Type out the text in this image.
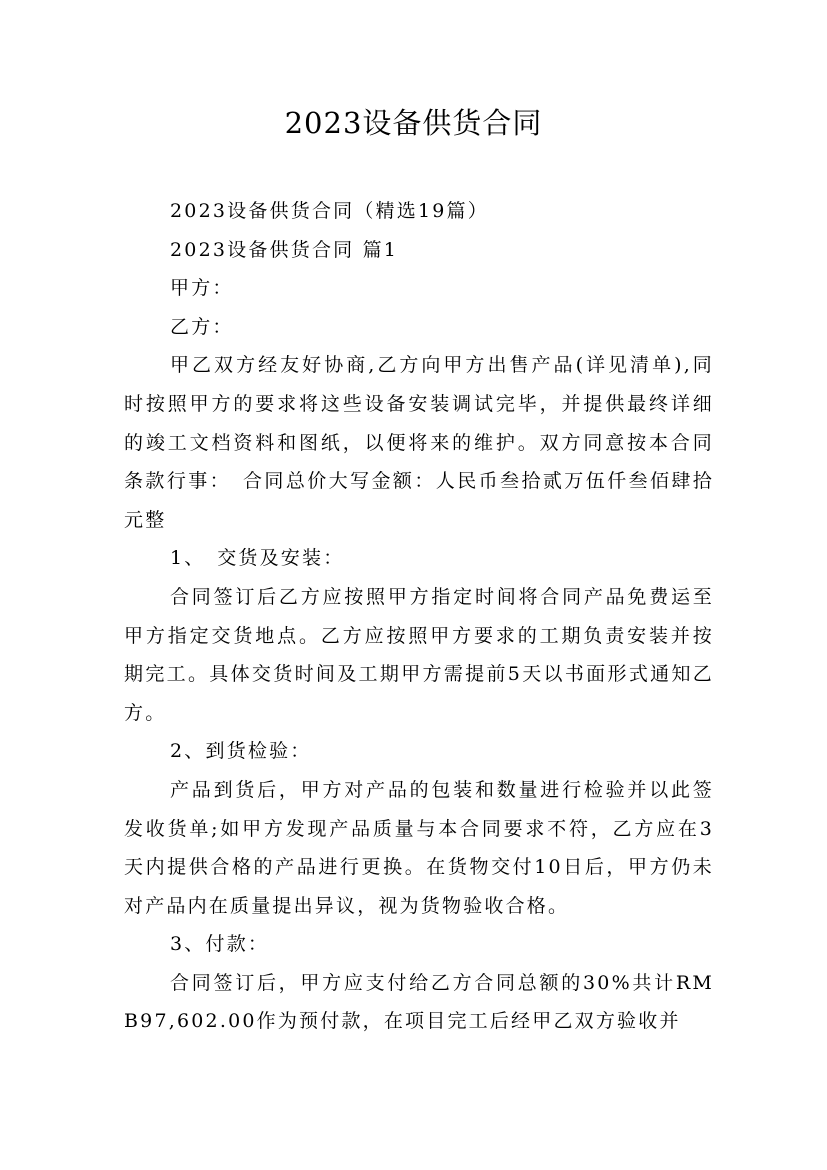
2023设备供货合同

2023设备供货合同（精选19篇）

2023设备供货合同 篇1

甲方：

乙方：

甲乙双方经友好协商,乙方向甲方出售产品(详见清单),同时按照甲方的要求将这些设备安装调试完毕，并提供最终详细的竣工文档资料和图纸，以便将来的维护。双方同意按本合同条款行事：　合同总价大写金额：人民币叁拾贰万伍仟叁佰肆拾元整

1、　交货及安装：

合同签订后乙方应按照甲方指定时间将合同产品免费运至甲方指定交货地点。乙方应按照甲方要求的工期负责安装并按期完工。具体交货时间及工期甲方需提前5天以书面形式通知乙方。

2、到货检验：

产品到货后，甲方对产品的包装和数量进行检验并以此签发收货单;如甲方发现产品质量与本合同要求不符，乙方应在3天内提供合格的产品进行更换。在货物交付10日后，甲方仍未对产品内在质量提出异议，视为货物验收合格。

3、付款：

合同签订后，甲方应支付给乙方合同总额的30%共计RMB97,602.00作为预付款，在项目完工后经甲乙双方验收并
